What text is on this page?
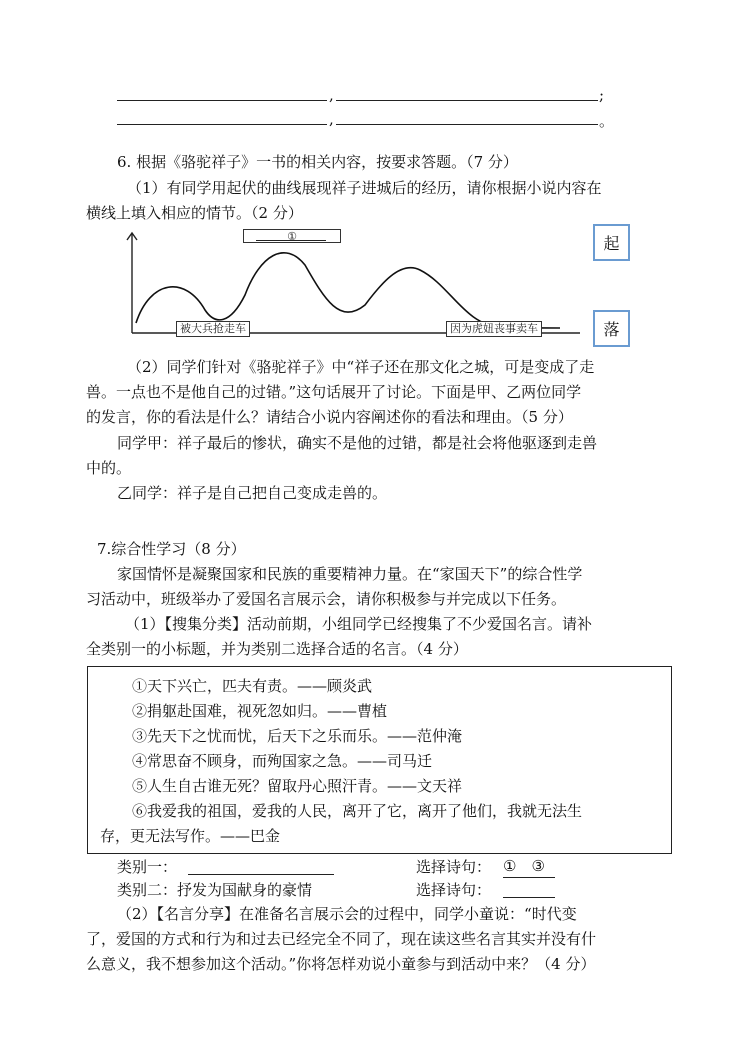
,	;
,	。
6. 根据《骆驼祥子》一书的相关内容，按要求答题。（7 分）
（1）有同学用起伏的曲线展现祥子进城后的经历，请你根据小说内容在
横线上填入相应的情节。（2 分）
①
被大兵抢走车	因为虎妞丧事卖车
起
落
（2）同学们针对《骆驼祥子》中“祥子还在那文化之城，可是变成了走
兽。一点也不是他自己的过错。”这句话展开了讨论。下面是甲、乙两位同学
的发言，你的看法是什么？请结合小说内容阐述你的看法和理由。（5 分）
同学甲：祥子最后的惨状，确实不是他的过错，都是社会将他驱逐到走兽
中的。
乙同学：祥子是自己把自己变成走兽的。
7.综合性学习（8 分）
家国情怀是凝聚国家和民族的重要精神力量。在“家国天下”的综合性学
习活动中，班级举办了爱国名言展示会，请你积极参与并完成以下任务。
（1）【搜集分类】活动前期，小组同学已经搜集了不少爱国名言。请补
全类别一的小标题，并为类别二选择合适的名言。（4 分）
①天下兴亡，匹夫有责。——顾炎武
②捐躯赴国难，视死忽如归。——曹植
③先天下之忧而忧，后天下之乐而乐。——范仲淹
④常思奋不顾身，而殉国家之急。——司马迁
⑤人生自古谁无死？留取丹心照汗青。——文天祥
⑥我爱我的祖国，爱我的人民，离开了它，离开了他们，我就无法生
存，更无法写作。——巴金
类别一：	选择诗句： ①　③
类别二：抒发为国献身的豪情	选择诗句：
（2）【名言分享】在准备名言展示会的过程中，同学小童说：“时代变
了，爱国的方式和行为和过去已经完全不同了，现在读这些名言其实并没有什
么意义，我不想参加这个活动。”你将怎样劝说小童参与到活动中来？（4 分）
